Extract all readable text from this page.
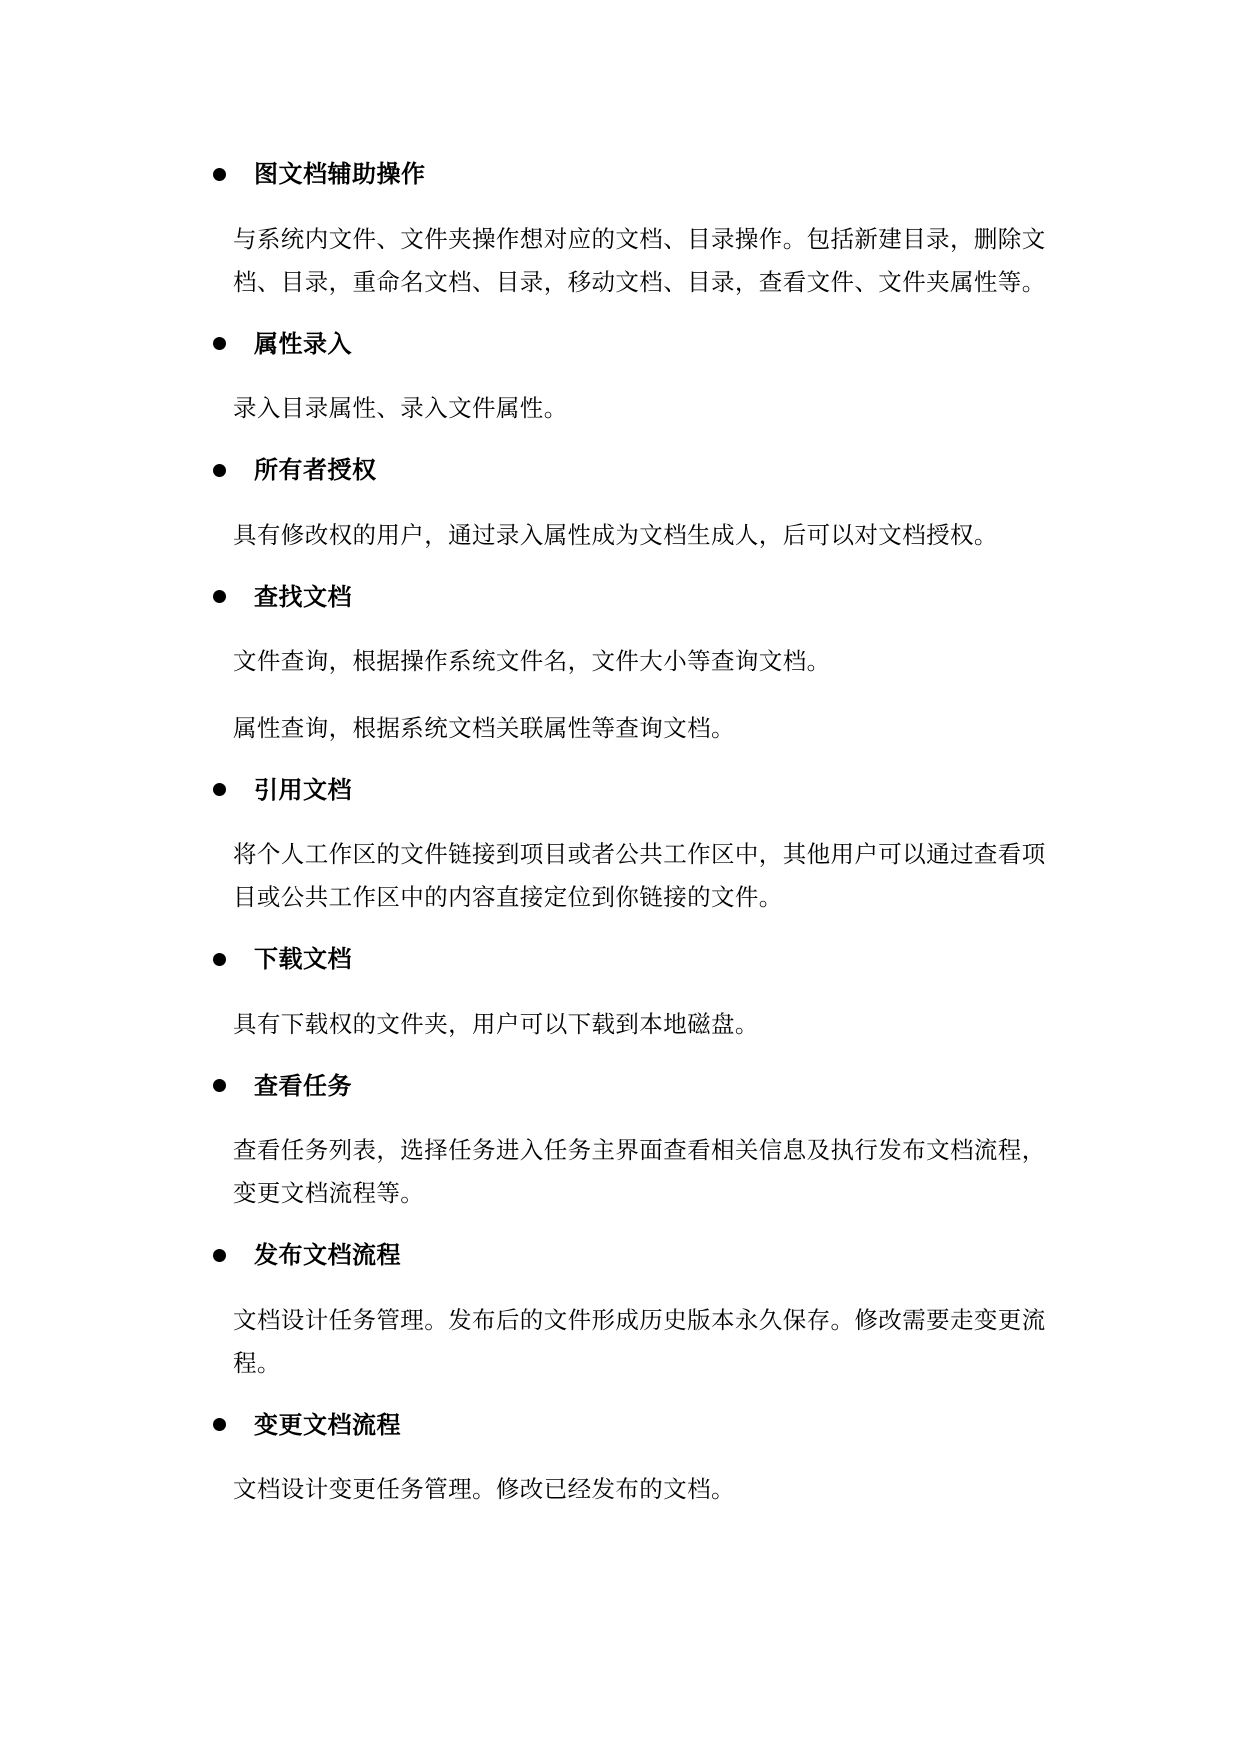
图文档辅助操作

与系统内文件、文件夹操作想对应的文档、目录操作。包括新建目录，删除文档、目录，重命名文档、目录，移动文档、目录，查看文件、文件夹属性等。

属性录入

录入目录属性、录入文件属性。

所有者授权

具有修改权的用户，通过录入属性成为文档生成人，后可以对文档授权。

查找文档

文件查询，根据操作系统文件名，文件大小等查询文档。

属性查询，根据系统文档关联属性等查询文档。

引用文档

将个人工作区的文件链接到项目或者公共工作区中，其他用户可以通过查看项目或公共工作区中的内容直接定位到你链接的文件。

下载文档

具有下载权的文件夹，用户可以下载到本地磁盘。

查看任务

查看任务列表，选择任务进入任务主界面查看相关信息及执行发布文档流程，变更文档流程等。

发布文档流程

文档设计任务管理。发布后的文件形成历史版本永久保存。修改需要走变更流程。

变更文档流程

文档设计变更任务管理。修改已经发布的文档。
